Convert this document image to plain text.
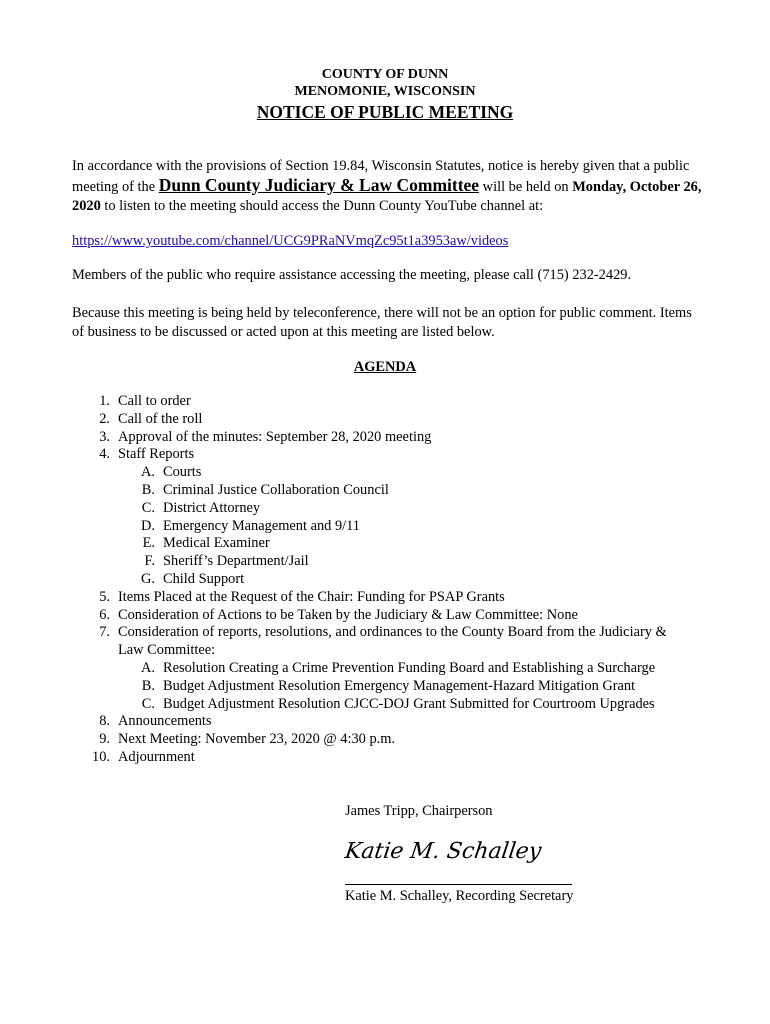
COUNTY OF DUNN
MENOMONIE, WISCONSIN
NOTICE OF PUBLIC MEETING
In accordance with the provisions of Section 19.84, Wisconsin Statutes, notice is hereby given that a public meeting of the Dunn County Judiciary & Law Committee will be held on Monday, October 26, 2020 to listen to the meeting should access the Dunn County YouTube channel at:
https://www.youtube.com/channel/UCG9PRaNVmqZc95t1a3953aw/videos
Members of the public who require assistance accessing the meeting, please call (715) 232-2429.
Because this meeting is being held by teleconference, there will not be an option for public comment. Items of business to be discussed or acted upon at this meeting are listed below.
AGENDA
1. Call to order
2. Call of the roll
3. Approval of the minutes: September 28, 2020 meeting
4. Staff Reports
A. Courts
B. Criminal Justice Collaboration Council
C. District Attorney
D. Emergency Management and 9/11
E. Medical Examiner
F. Sheriff’s Department/Jail
G. Child Support
5. Items Placed at the Request of the Chair: Funding for PSAP Grants
6. Consideration of Actions to be Taken by the Judiciary & Law Committee: None
7. Consideration of reports, resolutions, and ordinances to the County Board from the Judiciary &
Law Committee:
A. Resolution Creating a Crime Prevention Funding Board and Establishing a Surcharge
B. Budget Adjustment Resolution Emergency Management-Hazard Mitigation Grant
C. Budget Adjustment Resolution CJCC-DOJ Grant Submitted for Courtroom Upgrades
8. Announcements
9. Next Meeting: November 23, 2020 @ 4:30 p.m.
10. Adjournment
James Tripp, Chairperson
Katie M. Schalley
Katie M. Schalley, Recording Secretary
